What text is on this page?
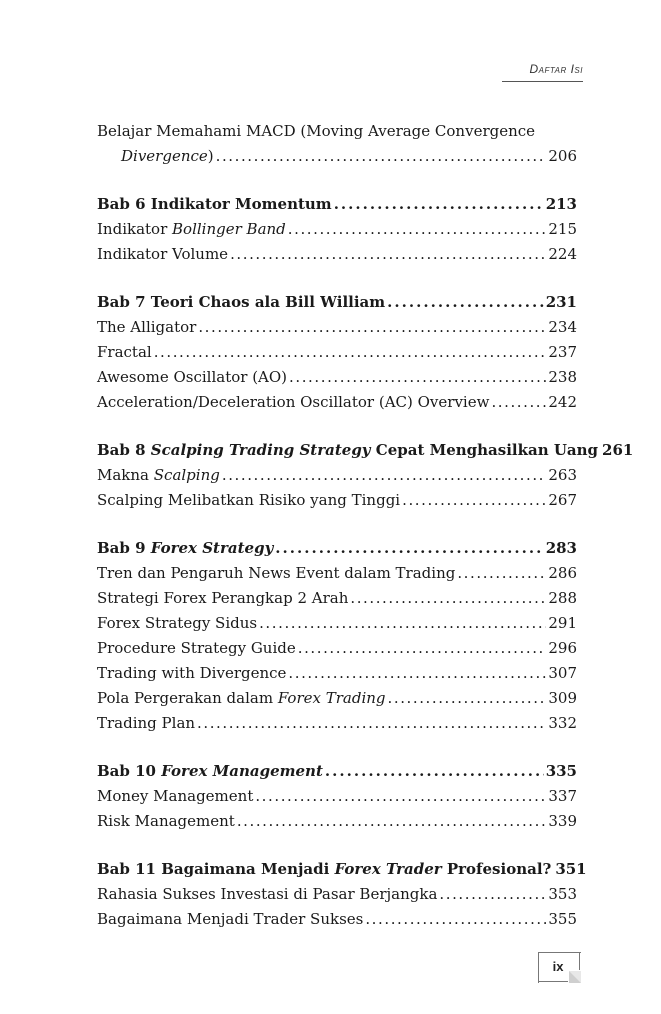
Daftar Isi
Belajar Memahami MACD (Moving Average Convergence
Divergence) . . .	206
Bab 6 Indikator Momentum . . .	213
Indikator Bollinger Band . . .	215
Indikator Volume . . .	224
Bab 7 Teori Chaos ala Bill William . . .	231
The Alligator . . .	234
Fractal . . .	237
Awesome Oscillator (AO) . . .	238
Acceleration/Deceleration Oscillator (AC) Overview . . .	242
Bab 8 Scalping Trading Strategy Cepat Menghasilkan Uang 261
Makna Scalping . . .	263
Scalping Melibatkan Risiko yang Tinggi . . .	267
Bab 9 Forex Strategy . . .	283
Tren dan Pengaruh News Event dalam Trading . . .	286
Strategi Forex Perangkap 2 Arah . . .	288
Forex Strategy Sidus . . .	291
Procedure Strategy Guide . . .	296
Trading with Divergence . . .	307
Pola Pergerakan dalam Forex Trading . . .	309
Trading Plan . . .	332
Bab 10 Forex Management . . .	335
Money Management . . .	337
Risk Management . . .	339
Bab 11 Bagaimana Menjadi Forex Trader Profesional? 351
Rahasia Sukses Investasi di Pasar Berjangka . . .	353
Bagaimana Menjadi Trader Sukses . . .	355
ix
